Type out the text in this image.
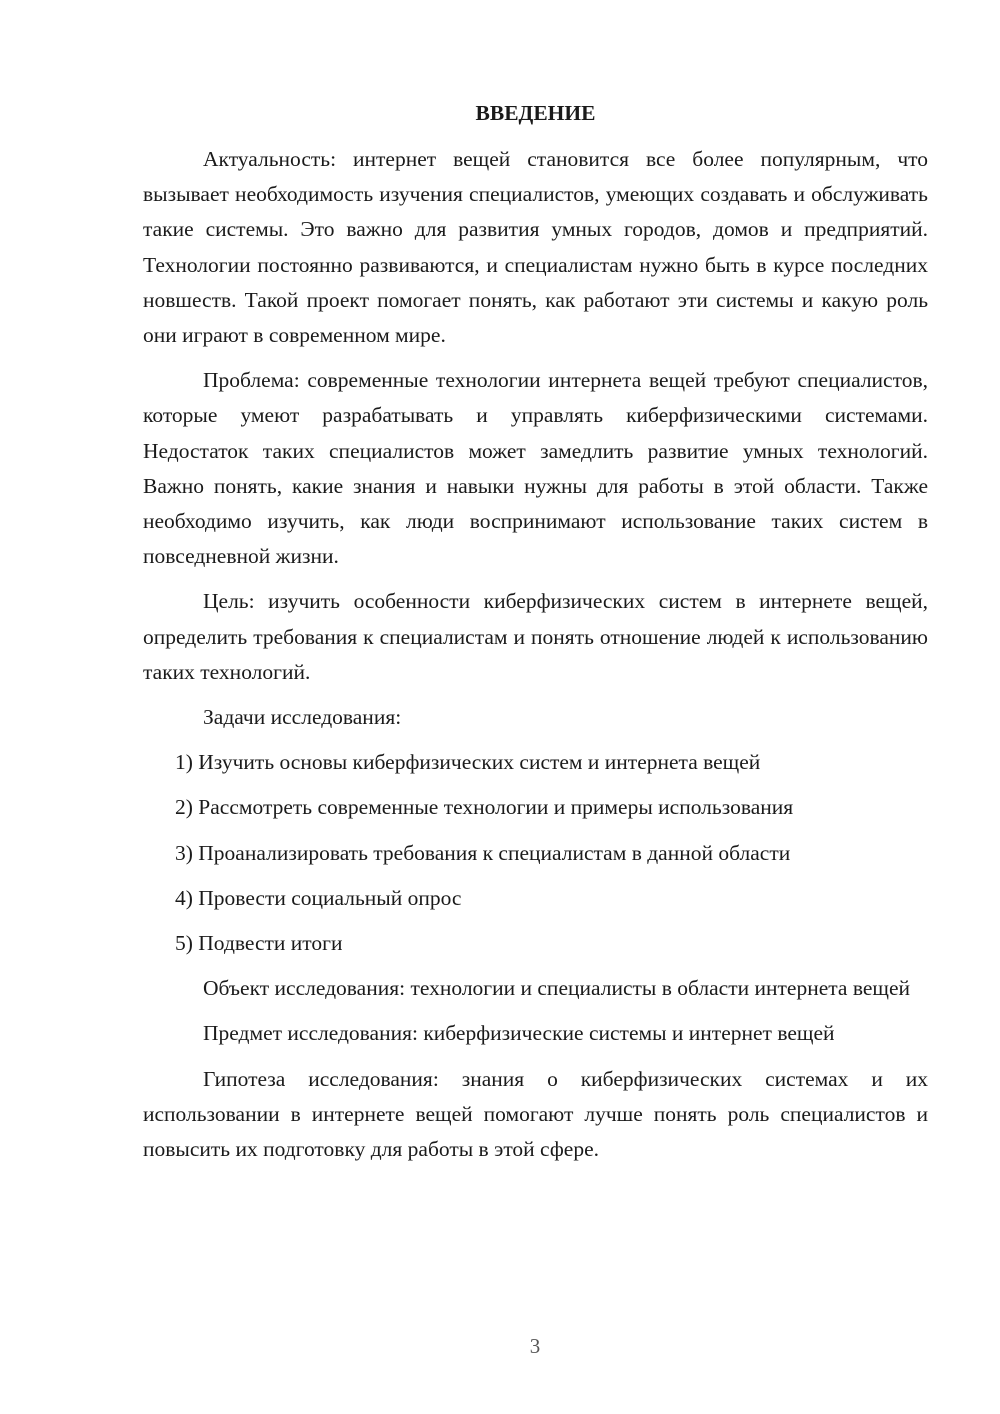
ВВЕДЕНИЕ

Актуальность: интернет вещей становится все более популярным, что вызывает необходимость изучения специалистов, умеющих создавать и обслуживать такие системы. Это важно для развития умных городов, домов и предприятий. Технологии постоянно развиваются, и специалистам нужно быть в курсе последних новшеств. Такой проект помогает понять, как работают эти системы и какую роль они играют в современном мире.

Проблема: современные технологии интернета вещей требуют специалистов, которые умеют разрабатывать и управлять киберфизическими системами. Недостаток таких специалистов может замедлить развитие умных технологий. Важно понять, какие знания и навыки нужны для работы в этой области. Также необходимо изучить, как люди воспринимают использование таких систем в повседневной жизни.

Цель: изучить особенности киберфизических систем в интернете вещей, определить требования к специалистам и понять отношение людей к использованию таких технологий.

Задачи исследования:
1) Изучить основы киберфизических систем и интернета вещей
2) Рассмотреть современные технологии и примеры использования
3) Проанализировать требования к специалистам в данной области
4) Провести социальный опрос
5) Подвести итоги

Объект исследования: технологии и специалисты в области интернета вещей

Предмет исследования: киберфизические системы и интернет вещей

Гипотеза исследования: знания о киберфизических системах и их использовании в интернете вещей помогают лучше понять роль специалистов и повысить их подготовку для работы в этой сфере.

3
